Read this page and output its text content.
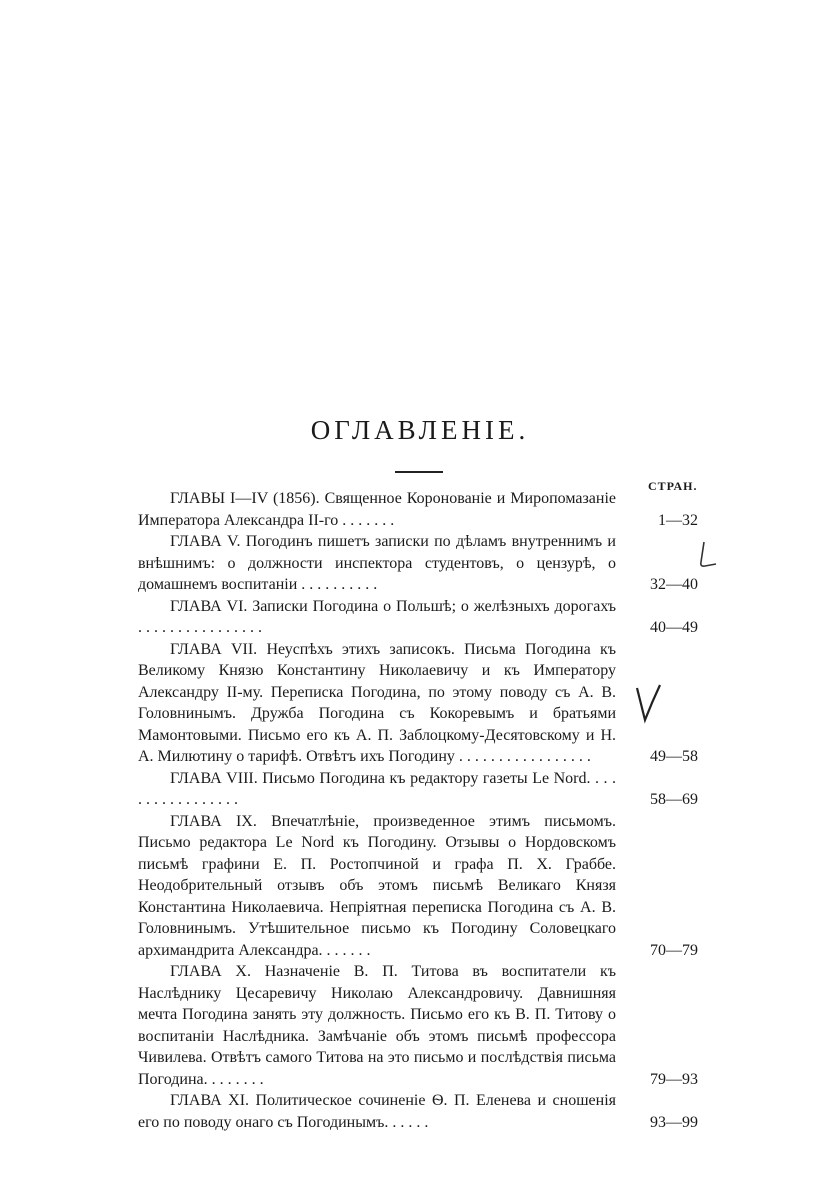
ОГЛАВЛЕНІЕ.
СТРАН.
ГЛАВЫ I—IV (1856). Священное Коронованіе и Миропомазаніе Императора Александра II-го . . . . . . .	1—32
ГЛАВА V. Погодинъ пишетъ записки по дѣламъ внутреннимъ и внѣшнимъ: о должности инспектора студентовъ, о цензурѣ, о домашнемъ воспитаніи . . . . . . . . . .	32—40
ГЛАВА VI. Записки Погодина о Польшѣ; о желѣзныхъ дорогахъ . . . . . . . . . . . . . . . .	40—49
ГЛАВА VII. Неуспѣхъ этихъ записокъ. Письма Погодина къ Великому Князю Константину Николаевичу и къ Императору Александру II-му. Переписка Погодина, по этому поводу съ А. В. Головнинымъ. Дружба Погодина съ Кокоревымъ и братьями Мамонтовыми. Письмо его къ А. П. Заблоцкому-Десятовскому и Н. А. Милютину о тарифѣ. Отвѣтъ ихъ Погодину . . . . . . . . . . . . . . . . .	49—58
ГЛАВА VIII. Письмо Погодина къ редактору газеты Le Nord. . . . . . . . . . . . . . . . .	58—69
ГЛАВА IX. Впечатлѣніе, произведенное этимъ письмомъ. Письмо редактора Le Nord къ Погодину. Отзывы о Нордовскомъ письмѣ графини Е. П. Ростопчиной и графа П. Х. Граббе. Неодобрительный отзывъ объ этомъ письмѣ Великаго Князя Константина Николаевича. Непріятная переписка Погодина съ А. В. Головнинымъ. Утѣшительное письмо къ Погодину Соловецкаго архимандрита Александра. . . . . . .	70—79
ГЛАВА X. Назначеніе В. П. Титова въ воспитатели къ Наслѣднику Цесаревичу Николаю Александровичу. Давнишняя мечта Погодина занять эту должность. Письмо его къ В. П. Титову о воспитаніи Наслѣдника. Замѣчаніе объ этомъ письмѣ профессора Чивилева. Отвѣтъ самого Титова на это письмо и послѣдствія письма Погодина. . . . . . . .	79—93
ГЛАВА XI. Политическое сочиненіе Ѳ. П. Еленева и сношенія его по поводу онаго съ Погодинымъ. . . . . .	93—99
